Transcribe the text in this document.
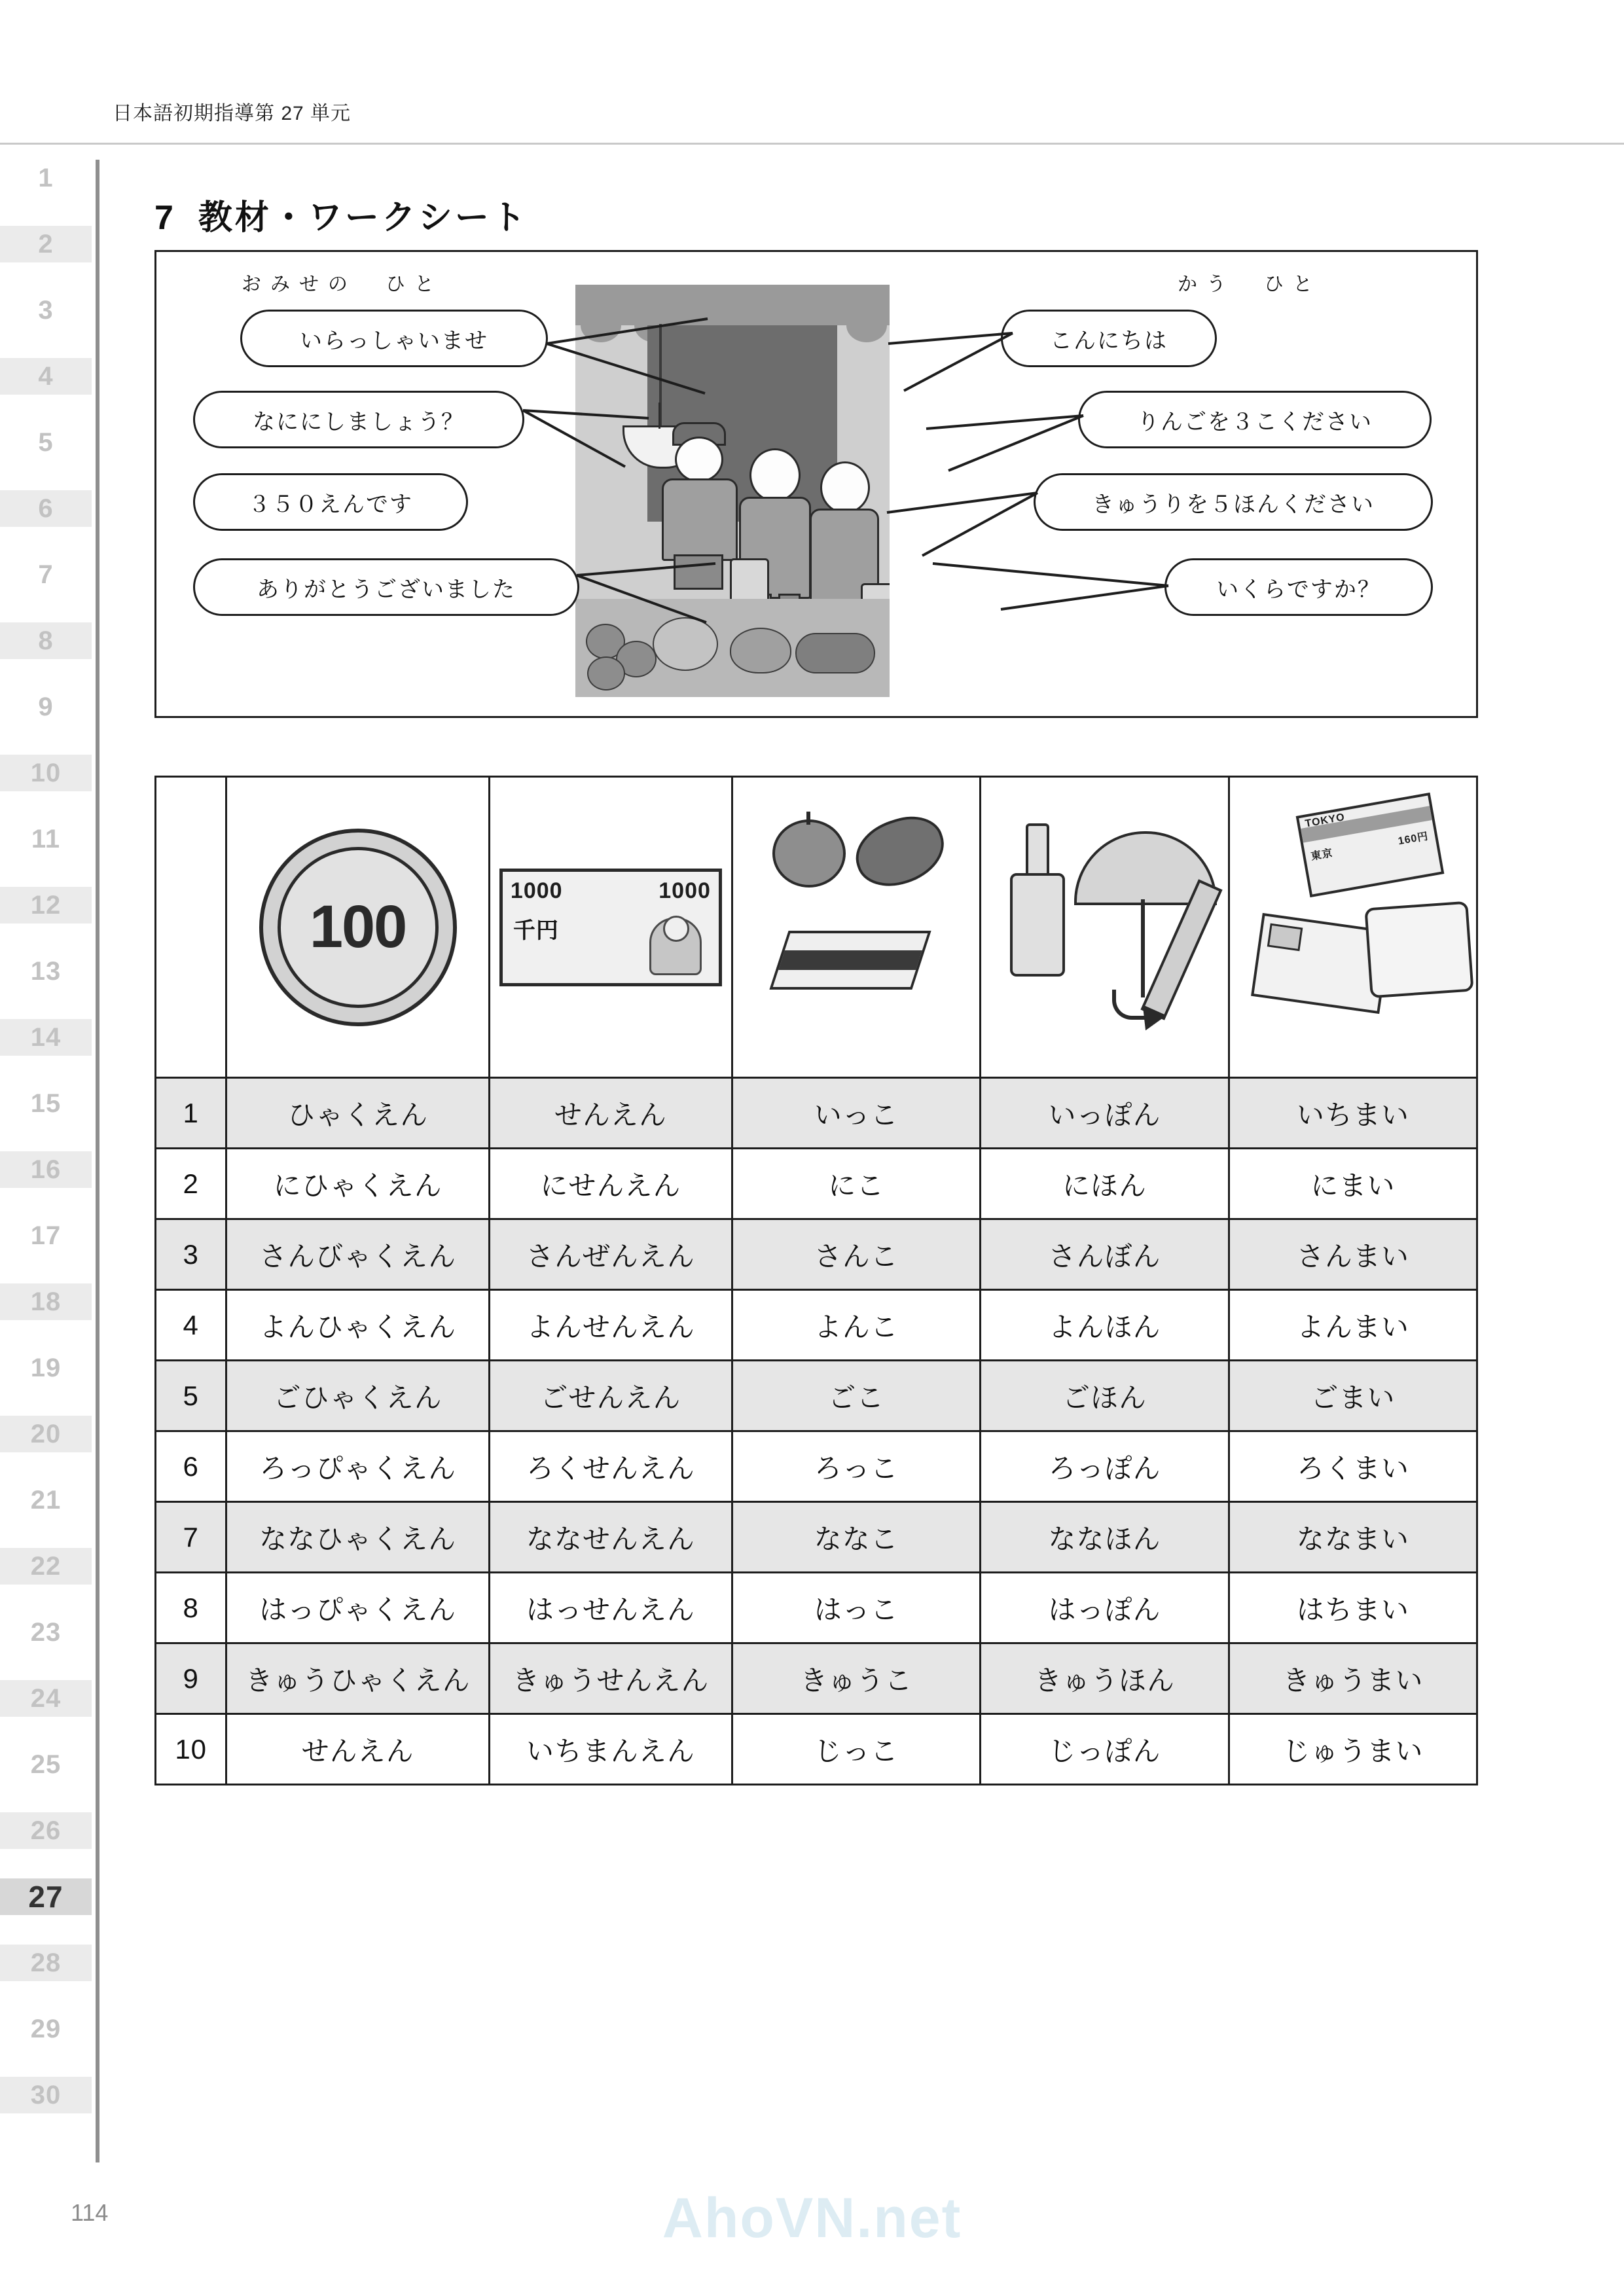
日本語初期指導第 27 単元
1
2
3
4
5
6
7
8
9
10
11
12
13
14
15
16
17
18
19
20
21
22
23
24
25
26
27
28
29
30
7 教材・ワークシート
おみせの　ひと	かう　ひと
いらっしゃいませ
なににしましょう？
３５０えんです
ありがとうございました
こんにちは
りんごを３こください
きゅうりを５ほんください
いくらですか？

	100	1000 1000
千円			東京
160円
TOKYO

1	ひゃくえん	せんえん	いっこ	いっぽん	いちまい
2	にひゃくえん	にせんえん	にこ	にほん	にまい
3	さんびゃくえん	さんぜんえん	さんこ	さんぼん	さんまい
4	よんひゃくえん	よんせんえん	よんこ	よんほん	よんまい
5	ごひゃくえん	ごせんえん	ごこ	ごほん	ごまい
6	ろっぴゃくえん	ろくせんえん	ろっこ	ろっぽん	ろくまい
7	ななひゃくえん	ななせんえん	ななこ	ななほん	ななまい
8	はっぴゃくえん	はっせんえん	はっこ	はっぽん	はちまい
9	きゅうひゃくえん	きゅうせんえん	きゅうこ	きゅうほん	きゅうまい
10	せんえん	いちまんえん	じっこ	じっぽん	じゅうまい
114	AhoVN.net
